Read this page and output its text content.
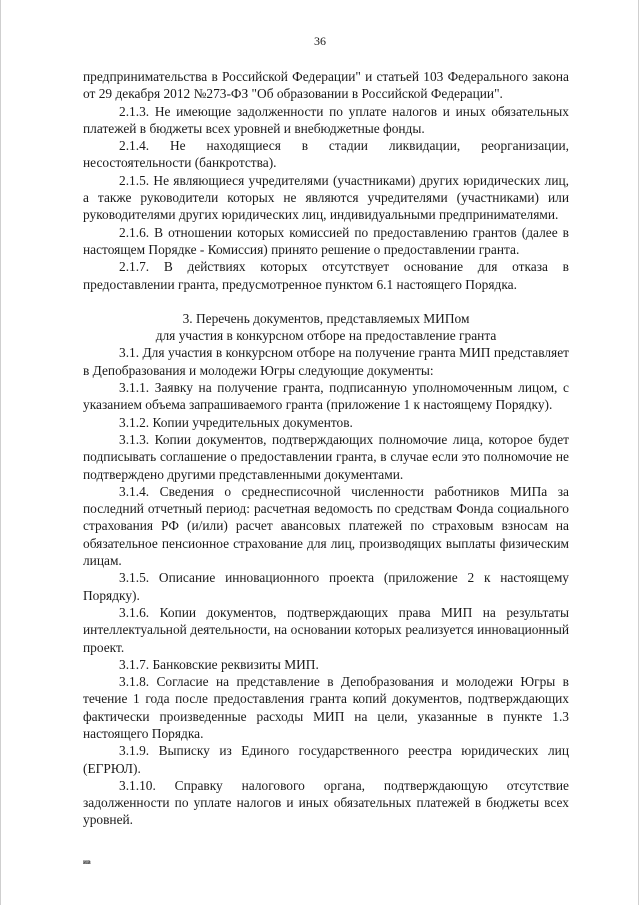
36

предпринимательства в Российской Федерации" и статьей 103 Федерального закона от 29 декабря 2012 №273-ФЗ "Об образовании в Российской Федерации".

2.1.3. Не имеющие задолженности по уплате налогов и иных обязательных платежей в бюджеты всех уровней и внебюджетные фонды.

2.1.4. Не находящиеся в стадии ликвидации, реорганизации, несостоятельности (банкротства).

2.1.5. Не являющиеся учредителями (участниками) других юридических лиц, а также руководители которых не являются учредителями (участниками) или руководителями других юридических лиц, индивидуальными предпринимателями.

2.1.6. В отношении которых комиссией по предоставлению грантов (далее в настоящем Порядке - Комиссия) принято решение о предоставлении гранта.

2.1.7. В действиях которых отсутствует основание для отказа в предоставлении гранта, предусмотренное пунктом 6.1 настоящего Порядка.

3. Перечень документов, представляемых МИПом

для участия в конкурсном отборе на предоставление гранта

3.1. Для участия в конкурсном отборе на получение гранта МИП представляет в Депобразования и молодежи Югры следующие документы:

3.1.1. Заявку на получение гранта, подписанную уполномоченным лицом, с указанием объема запрашиваемого гранта (приложение 1 к настоящему Порядку).

3.1.2. Копии учредительных документов.

3.1.3. Копии документов, подтверждающих полномочие лица, которое будет подписывать соглашение о предоставлении гранта, в случае если это полномочие не подтверждено другими представленными документами.

3.1.4. Сведения о среднесписочной численности работников МИПа за последний отчетный период: расчетная ведомость по средствам Фонда социального страхования РФ (и/или) расчет авансовых платежей по страховым взносам на обязательное пенсионное страхование для лиц, производящих выплаты физическим лицам.

3.1.5. Описание инновационного проекта (приложение 2 к настоящему Порядку).

3.1.6. Копии документов, подтверждающих права МИП на результаты интеллектуальной деятельности, на основании которых реализуется инновационный проект.

3.1.7. Банковские реквизиты МИП.

3.1.8. Согласие на представление в Депобразования и молодежи Югры в течение 1 года после предоставления гранта копий документов, подтверждающих фактически произведенные расходы МИП на цели, указанные в пункте 1.3 настоящего Порядка.

3.1.9. Выписку из Единого государственного реестра юридических лиц (ЕГРЮЛ).

3.1.10. Справку налогового органа, подтверждающую отсутствие задолженности по уплате налогов и иных обязательных платежей в бюджеты всех уровней.

ив
